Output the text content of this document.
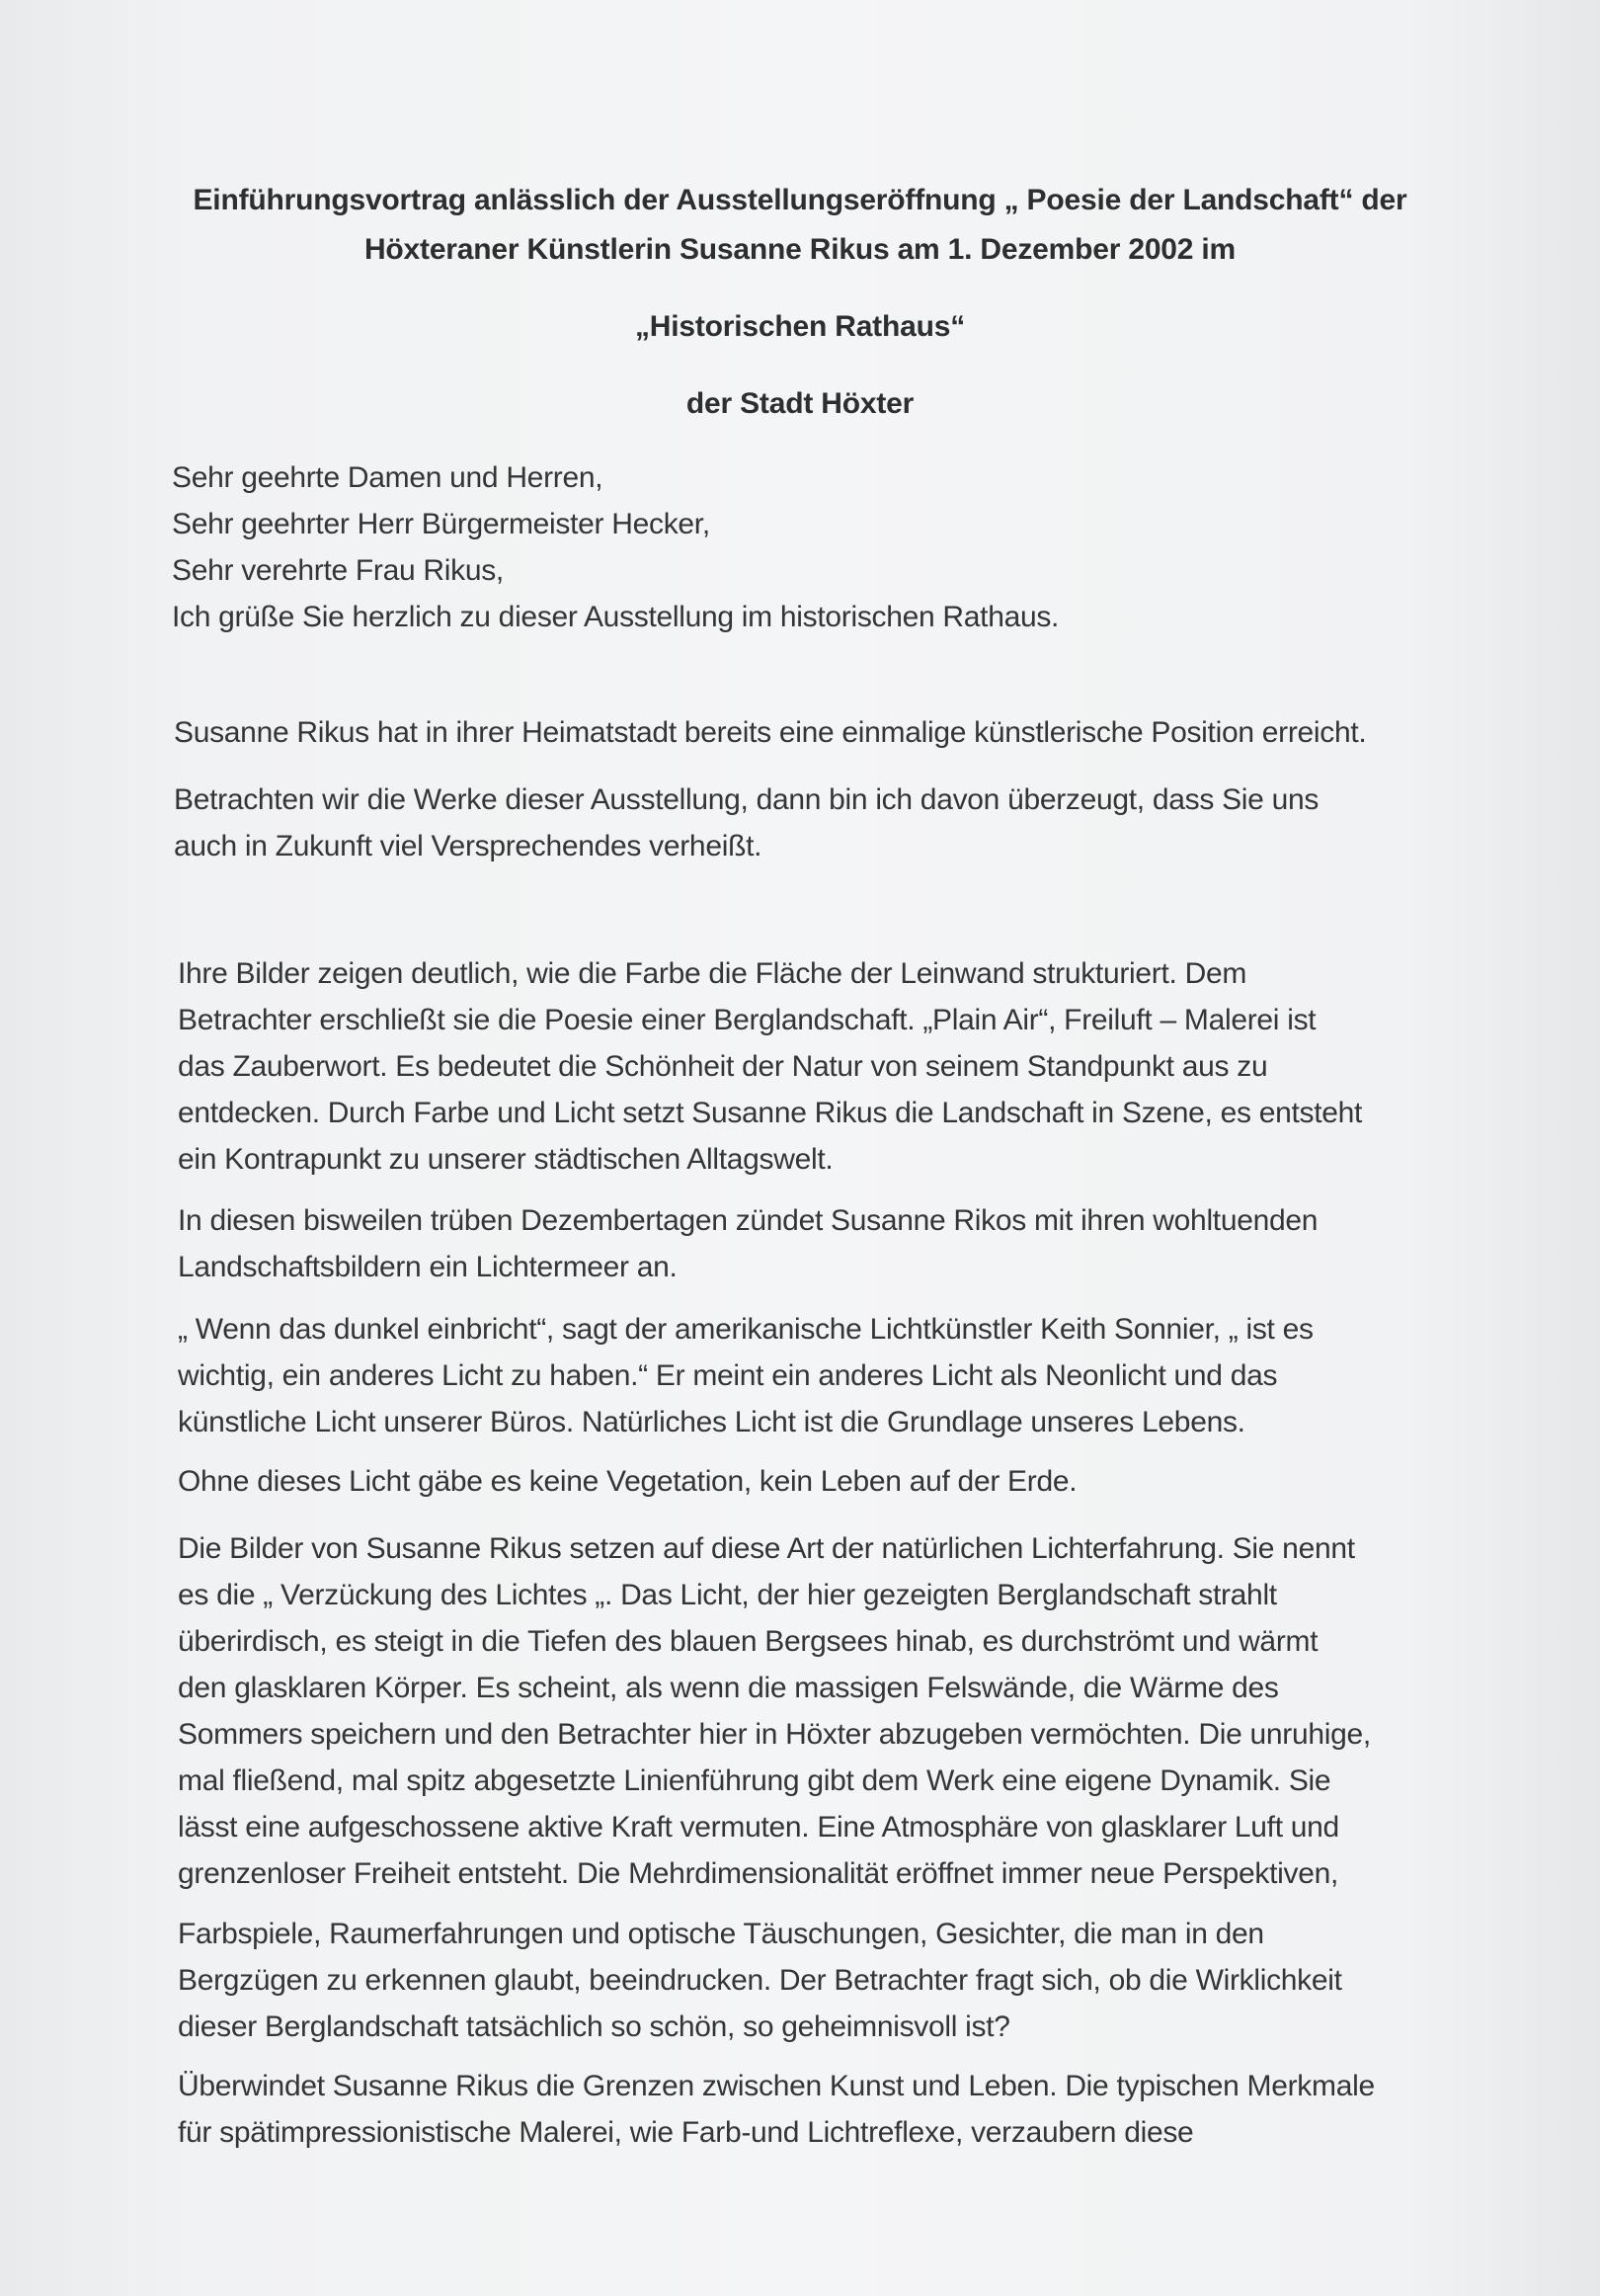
Einführungsvortrag anlässlich der Ausstellungseröffnung „ Poesie der Landschaft“ der
Höxteraner Künstlerin Susanne Rikus am 1. Dezember 2002 im
„Historischen Rathaus“
der Stadt Höxter

Sehr geehrte Damen und Herren,

Sehr geehrter Herr Bürgermeister Hecker,

Sehr verehrte Frau Rikus,

Ich grüße Sie herzlich zu dieser Ausstellung im historischen Rathaus.

Susanne Rikus hat in ihrer Heimatstadt bereits eine einmalige künstlerische Position erreicht.

Betrachten wir die Werke dieser Ausstellung, dann bin ich davon überzeugt, dass Sie uns

auch in Zukunft viel Versprechendes verheißt.

Ihre Bilder zeigen deutlich, wie die Farbe die Fläche der Leinwand strukturiert. Dem

Betrachter erschließt sie die Poesie einer Berglandschaft. „Plain Air“, Freiluft – Malerei ist

das Zauberwort. Es bedeutet die Schönheit der Natur von seinem Standpunkt aus zu

entdecken. Durch Farbe und Licht setzt Susanne Rikus die Landschaft in Szene, es entsteht

ein Kontrapunkt zu unserer städtischen Alltagswelt.

In diesen bisweilen trüben Dezembertagen zündet Susanne Rikos mit ihren wohltuenden

Landschaftsbildern ein Lichtermeer an.

„ Wenn das dunkel einbricht“, sagt der amerikanische Lichtkünstler Keith Sonnier, „ ist es

wichtig, ein anderes Licht zu haben.“ Er meint ein anderes Licht als Neonlicht und das

künstliche Licht unserer Büros. Natürliches Licht ist die Grundlage unseres Lebens.

Ohne dieses Licht gäbe es keine Vegetation, kein Leben auf der Erde.

Die Bilder von Susanne Rikus setzen auf diese Art der natürlichen Lichterfahrung. Sie nennt

es die „ Verzückung des Lichtes „. Das Licht, der hier gezeigten Berglandschaft strahlt

überirdisch, es steigt in die Tiefen des blauen Bergsees hinab, es durchströmt und wärmt

den glasklaren Körper. Es scheint, als wenn die massigen Felswände, die Wärme des

Sommers speichern und den Betrachter hier in Höxter abzugeben vermöchten. Die unruhige,

mal fließend, mal spitz abgesetzte Linienführung gibt dem Werk eine eigene Dynamik. Sie

lässt eine aufgeschossene aktive Kraft vermuten. Eine Atmosphäre von glasklarer Luft und

grenzenloser Freiheit entsteht. Die Mehrdimensionalität eröffnet immer neue Perspektiven,

Farbspiele, Raumerfahrungen und optische Täuschungen, Gesichter, die man in den

Bergzügen zu erkennen glaubt, beeindrucken. Der Betrachter fragt sich, ob die Wirklichkeit

dieser Berglandschaft tatsächlich so schön, so geheimnisvoll ist?

Überwindet Susanne Rikus die Grenzen zwischen Kunst und Leben. Die typischen Merkmale

für spätimpressionistische Malerei, wie Farb-und Lichtreflexe, verzaubern diese
